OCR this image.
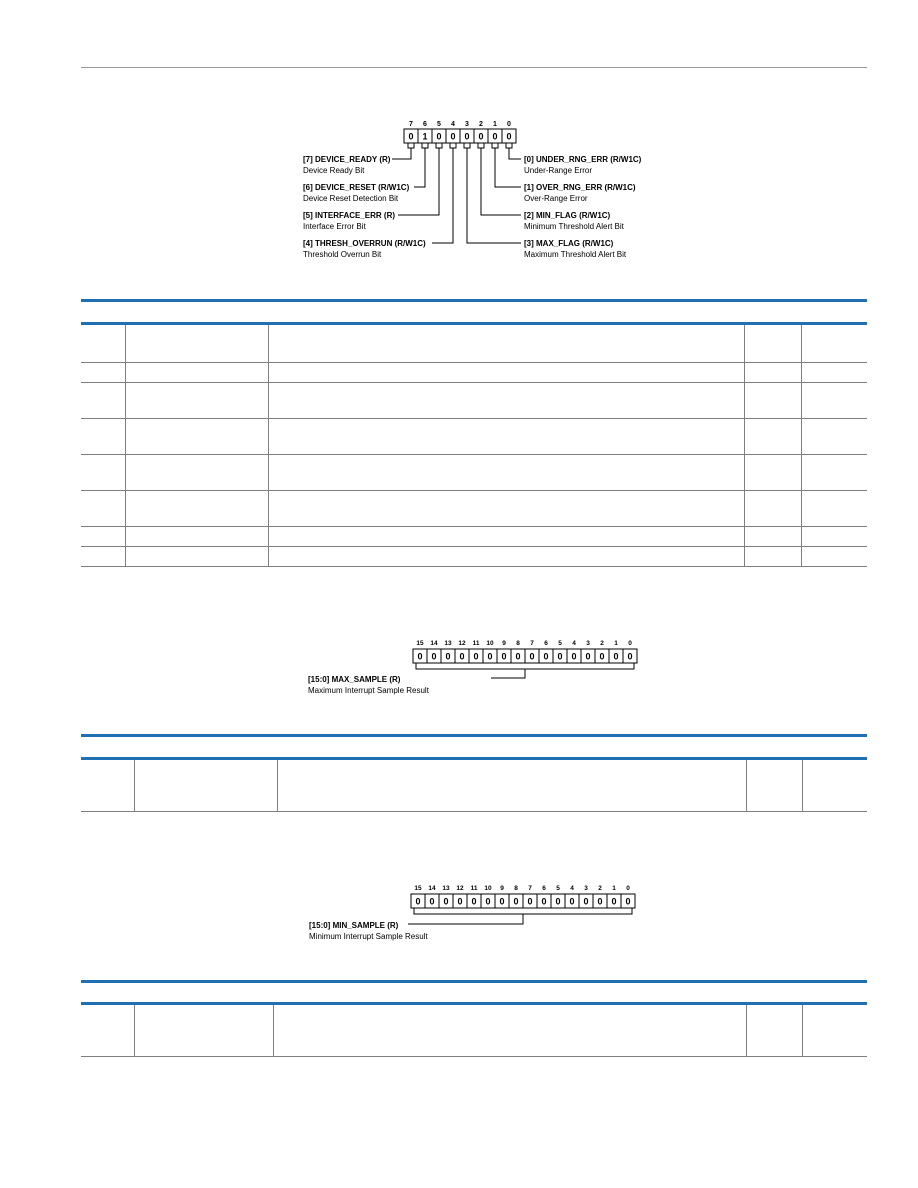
7 6 5 4 3 2 1 0
0 1 0 0 0 0 0 0
[7] DEVICE_READY (R)
Device Ready Bit
[6] DEVICE_RESET (R/W1C)
Device Reset Detection Bit
[5] INTERFACE_ERR (R)
Interface Error Bit
[4] THRESH_OVERRUN (R/W1C)
Threshold Overrun Bit
[0] UNDER_RNG_ERR (R/W1C)
Under-Range Error
[1] OVER_RNG_ERR (R/W1C)
Over-Range Error
[2] MIN_FLAG (R/W1C)
Minimum Threshold Alert Bit
[3] MAX_FLAG (R/W1C)
Maximum Threshold Alert Bit

15 14 13 12 11 10 9 8 7 6 5 4 3 2 1 0
0 0 0 0 0 0 0 0 0 0 0 0 0 0 0 0
[15:0] MAX_SAMPLE (R)
Maximum Interrupt Sample Result

15 14 13 12 11 10 9 8 7 6 5 4 3 2 1 0
0 0 0 0 0 0 0 0 0 0 0 0 0 0 0 0
[15:0] MIN_SAMPLE (R)
Minimum Interrupt Sample Result
